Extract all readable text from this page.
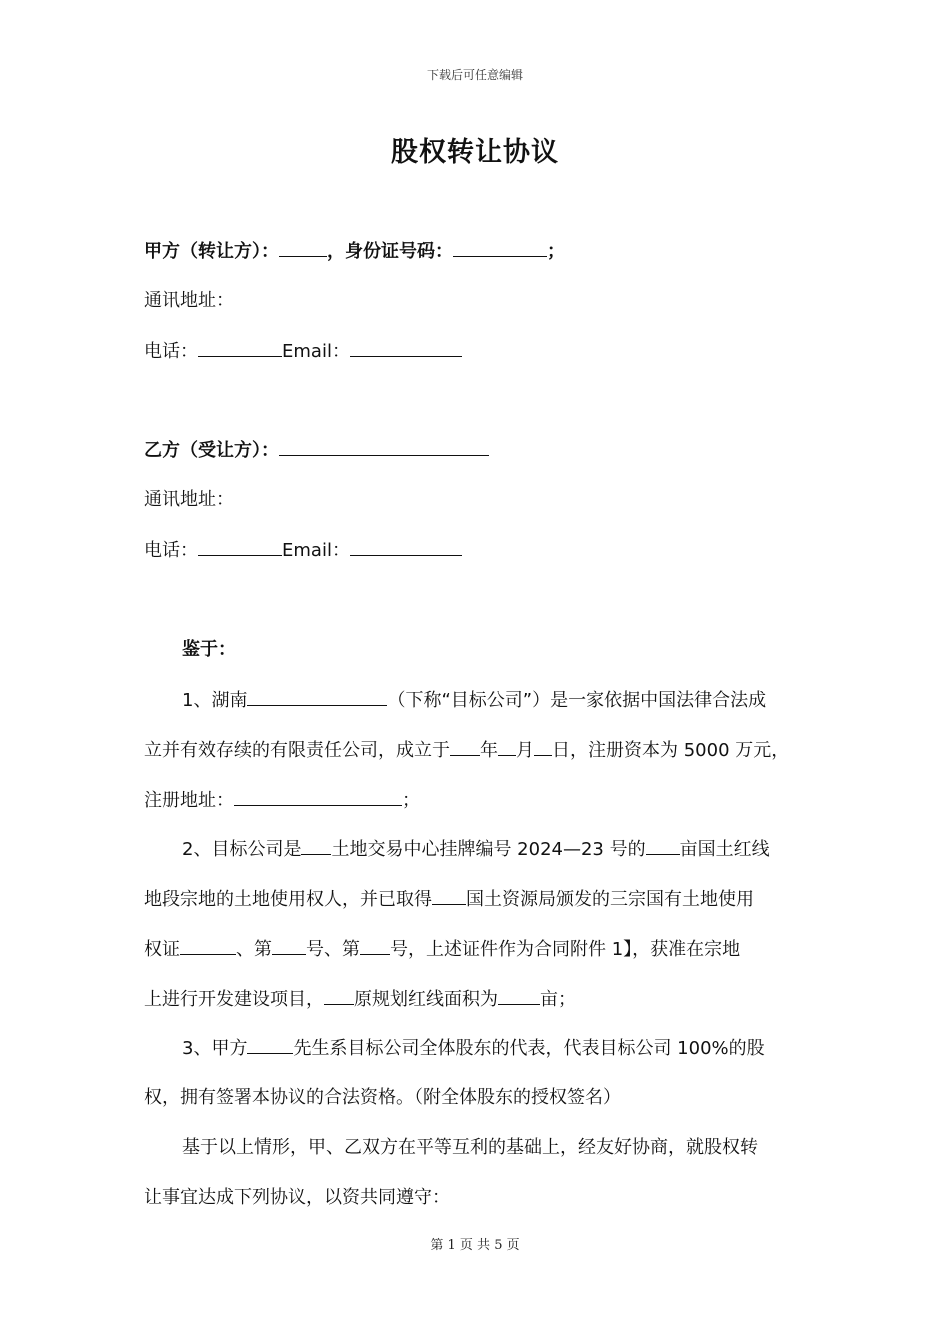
下载后可任意编辑
股权转让协议
甲方（转让方）：	，身份证号码：	；
通讯地址：
电话：	Email：
乙方（受让方）：
通讯地址：
电话：	Email：
鉴于：
1、湖南	（下称“目标公司”）是一家依据中国法律合法成
立并有效存续的有限责任公司，成立于 年 月 日，注册资本为 5000 万元，
注册地址：	；
2、目标公司是 土地交易中心挂牌编号 2024—23 号的 亩国土红线
地段宗地的土地使用权人，并已取得 国土资源局颁发的三宗国有土地使用
权证	、第 号、第 号，上述证件作为合同附件 1】，获准在宗地
上进行开发建设项目， 原规划红线面积为 亩；
3、甲方	先生系目标公司全体股东的代表，代表目标公司 100%的股
权，拥有签署本协议的合法资格。（附全体股东的授权签名）
基于以上情形，甲、乙双方在平等互利的基础上，经友好协商，就股权转
让事宜达成下列协议，以资共同遵守：
第 1 页 共 5 页
